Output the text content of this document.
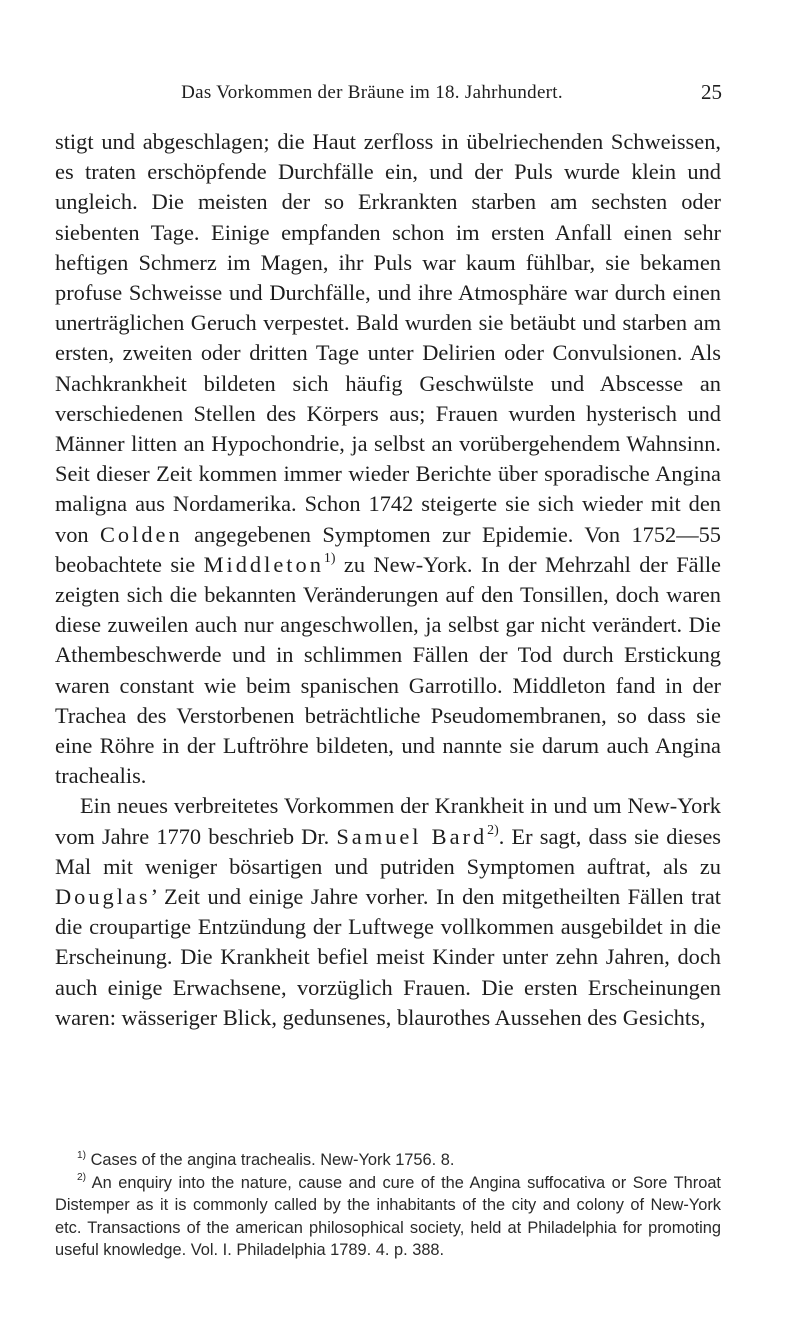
Das Vorkommen der Bräune im 18. Jahrhundert.	25

stigt und abgeschlagen; die Haut zerfloss in übelriechenden Schweissen, es traten erschöpfende Durchfälle ein, und der Puls wurde klein und ungleich. Die meisten der so Erkrankten starben am sechsten oder siebenten Tage. Einige empfanden schon im ersten Anfall einen sehr heftigen Schmerz im Magen, ihr Puls war kaum fühlbar, sie bekamen profuse Schweisse und Durchfälle, und ihre Atmosphäre war durch einen unerträglichen Geruch verpestet. Bald wurden sie betäubt und starben am ersten, zweiten oder dritten Tage unter Delirien oder Convulsionen. Als Nachkrankheit bildeten sich häufig Geschwülste und Abscesse an verschiedenen Stellen des Körpers aus; Frauen wurden hysterisch und Männer litten an Hypochondrie, ja selbst an vorübergehendem Wahnsinn. Seit dieser Zeit kommen immer wieder Berichte über sporadische Angina maligna aus Nordamerika. Schon 1742 steigerte sie sich wieder mit den von Colden angegebenen Symptomen zur Epidemie. Von 1752—55 beobachtete sie Middleton$^{1)}$ zu New-York. In der Mehrzahl der Fälle zeigten sich die bekannten Veränderungen auf den Tonsillen, doch waren diese zuweilen auch nur angeschwollen, ja selbst gar nicht verändert. Die Athembeschwerde und in schlimmen Fällen der Tod durch Erstickung waren constant wie beim spanischen Garrotillo. Middleton fand in der Trachea des Verstorbenen beträchtliche Pseudomembranen, so dass sie eine Röhre in der Luftröhre bildeten, und nannte sie darum auch Angina trachealis.

Ein neues verbreitetes Vorkommen der Krankheit in und um New-York vom Jahre 1770 beschrieb Dr. Samuel Bard$^{2)}$. Er sagt, dass sie dieses Mal mit weniger bösartigen und putriden Symptomen auftrat, als zu Douglas’ Zeit und einige Jahre vorher. In den mitgetheilten Fällen trat die croupartige Entzündung der Luftwege vollkommen ausgebildet in die Erscheinung. Die Krankheit befiel meist Kinder unter zehn Jahren, doch auch einige Erwachsene, vorzüglich Frauen. Die ersten Erscheinungen waren: wässeriger Blick, gedunsenes, blaurothes Aussehen des Gesichts,

$^{1)}$ Cases of the angina trachealis. New-York 1756. 8.

$^{2)}$ An enquiry into the nature, cause and cure of the Angina suffocativa or Sore Throat Distemper as it is commonly called by the inhabitants of the city and colony of New-York etc. Transactions of the american philosophical society, held at Philadelphia for promoting useful knowledge. Vol. I. Philadelphia 1789. 4. p. 388.
